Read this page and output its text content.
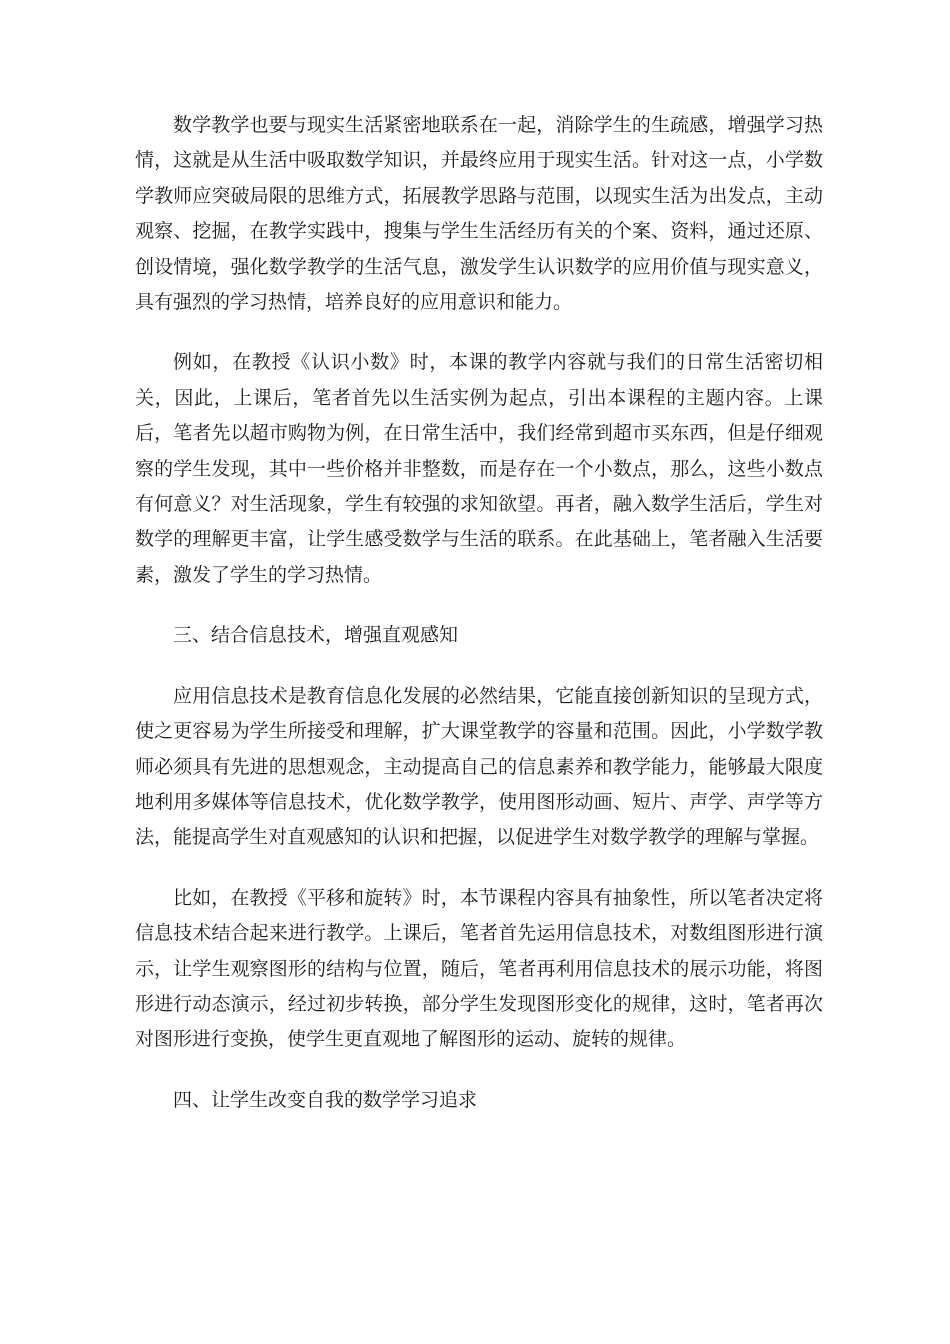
数学教学也要与现实生活紧密地联系在一起，消除学生的生疏感，增强学习热情，这就是从生活中吸取数学知识，并最终应用于现实生活。针对这一点，小学数学教师应突破局限的思维方式，拓展教学思路与范围，以现实生活为出发点，主动观察、挖掘，在教学实践中，搜集与学生生活经历有关的个案、资料，通过还原、创设情境，强化数学教学的生活气息，激发学生认识数学的应用价值与现实意义，具有强烈的学习热情，培养良好的应用意识和能力。

例如，在教授《认识小数》时，本课的教学内容就与我们的日常生活密切相关，因此，上课后，笔者首先以生活实例为起点，引出本课程的主题内容。上课后，笔者先以超市购物为例，在日常生活中，我们经常到超市买东西，但是仔细观察的学生发现，其中一些价格并非整数，而是存在一个小数点，那么，这些小数点有何意义？对生活现象，学生有较强的求知欲望。再者，融入数学生活后，学生对数学的理解更丰富，让学生感受数学与生活的联系。在此基础上，笔者融入生活要素，激发了学生的学习热情。

三、结合信息技术，增强直观感知

应用信息技术是教育信息化发展的必然结果，它能直接创新知识的呈现方式，使之更容易为学生所接受和理解，扩大课堂教学的容量和范围。因此，小学数学教师必须具有先进的思想观念，主动提高自己的信息素养和教学能力，能够最大限度地利用多媒体等信息技术，优化数学教学，使用图形动画、短片、声学、声学等方法，能提高学生对直观感知的认识和把握，以促进学生对数学教学的理解与掌握。

比如，在教授《平移和旋转》时，本节课程内容具有抽象性，所以笔者决定将信息技术结合起来进行教学。上课后，笔者首先运用信息技术，对数组图形进行演示，让学生观察图形的结构与位置，随后，笔者再利用信息技术的展示功能，将图形进行动态演示，经过初步转换，部分学生发现图形变化的规律，这时，笔者再次对图形进行变换，使学生更直观地了解图形的运动、旋转的规律。

四、让学生改变自我的数学学习追求
